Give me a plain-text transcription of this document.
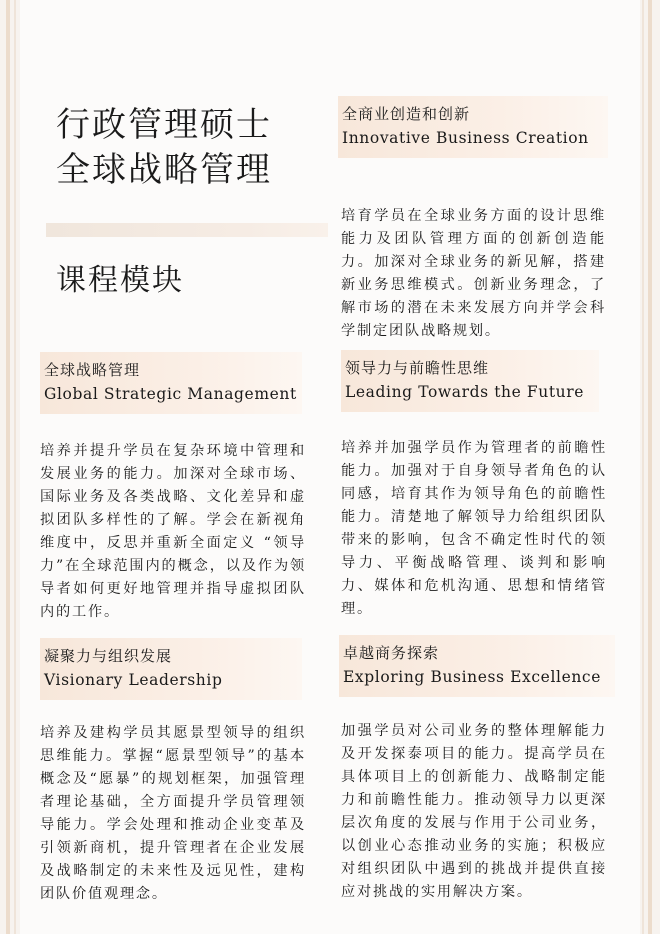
行政管理硕士
全球战略管理
课程模块
全商业创造和创新
Innovative Business Creation

培育学员在全球业务方面的设计思维能力及团队管理方面的创新创造能力。加深对全球业务的新见解，搭建新业务思维模式。创新业务理念，了解市场的潜在未来发展方向并学会科学制定团队战略规划。

全球战略管理
Global Strategic Management

培养并提升学员在复杂环境中管理和发展业务的能力。加深对全球市场、国际业务及各类战略、文化差异和虚拟团队多样性的了解。学会在新视角维度中，反思并重新全面定义 “领导力”在全球范围内的概念，以及作为领导者如何更好地管理并指导虚拟团队内的工作。

领导力与前瞻性思维
Leading Towards the Future

培养并加强学员作为管理者的前瞻性能力。加强对于自身领导者角色的认同感，培育其作为领导角色的前瞻性能力。清楚地了解领导力给组织团队带来的影响，包含不确定性时代的领导力、平衡战略管理、谈判和影响力、媒体和危机沟通、思想和情绪管理。

凝聚力与组织发展
Visionary Leadership

培养及建构学员其愿景型领导的组织思维能力。掌握“愿景型领导”的基本概念及“愿暴”的规划框架，加强管理者理论基础，全方面提升学员管理领导能力。学会处理和推动企业变革及引领新商机，提升管理者在企业发展及战略制定的未来性及远见性，建构团队价值观理念。

卓越商务探索
Exploring Business Excellence

加强学员对公司业务的整体理解能力及开发探泰项目的能力。提高学员在具体项目上的创新能力、战略制定能力和前瞻性能力。推动领导力以更深层次角度的发展与作用于公司业务，以创业心态推动业务的实施；积极应对组织团队中遇到的挑战并提供直接应对挑战的实用解决方案。
